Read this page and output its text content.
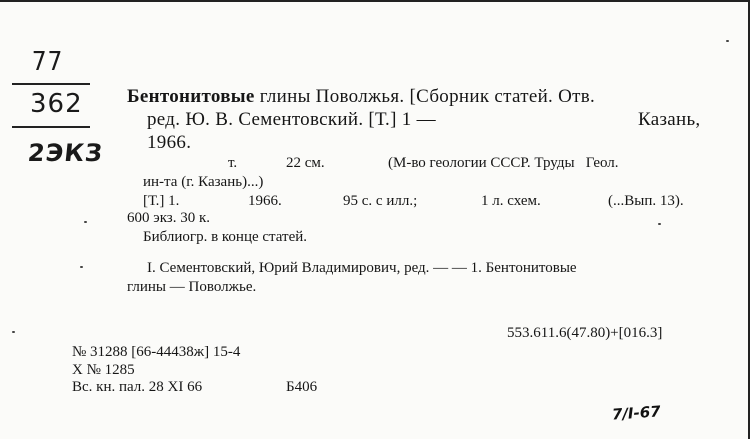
77
362
2ЭКЗ
Бентонитовые глины Поволжья. [Сборник статей. Отв.
ред. Ю. В. Сементовский. [Т.] 1 —	Казань,
1966.
т.	22 см.	(М-во геологии СССР. Труды   Геол.
ин-та (г. Казань)...)
[Т.] 1.	1966.	95 с. с илл.;	1 л. схем.	(...Вып. 13).
600 экз. 30 к.
Библиогр. в конце статей.
I. Сементовский, Юрий Владимирович, ред. — — 1. Бентонитовые
глины — Поволжье.
553.611.6(47.80)+[016.3]
№ 31288 [66-44438ж] 15-4
Х № 1285
Вс. кн. пал. 28 XI 66	Б406
7/I-67
